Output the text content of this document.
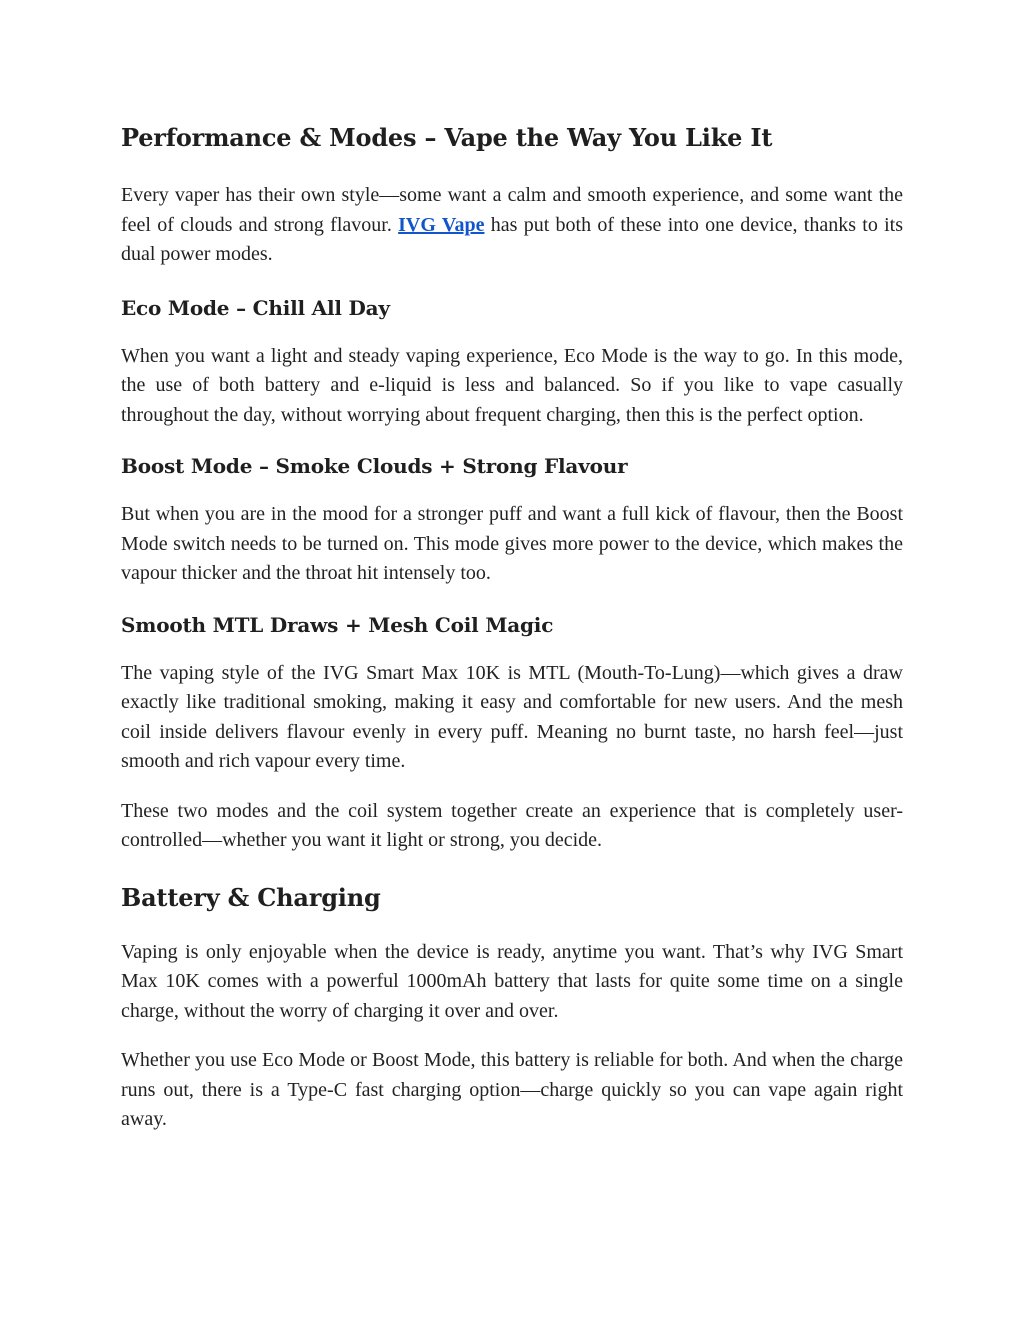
Performance & Modes – Vape the Way You Like It

Every vaper has their own style—some want a calm and smooth experience, and some want the feel of clouds and strong flavour. IVG Vape has put both of these into one device, thanks to its dual power modes.

Eco Mode – Chill All Day

When you want a light and steady vaping experience, Eco Mode is the way to go. In this mode, the use of both battery and e-liquid is less and balanced. So if you like to vape casually throughout the day, without worrying about frequent charging, then this is the perfect option.

Boost Mode – Smoke Clouds + Strong Flavour

But when you are in the mood for a stronger puff and want a full kick of flavour, then the Boost Mode switch needs to be turned on. This mode gives more power to the device, which makes the vapour thicker and the throat hit intensely too.

Smooth MTL Draws + Mesh Coil Magic

The vaping style of the IVG Smart Max 10K is MTL (Mouth-To-Lung)—which gives a draw exactly like traditional smoking, making it easy and comfortable for new users. And the mesh coil inside delivers flavour evenly in every puff. Meaning no burnt taste, no harsh feel—just smooth and rich vapour every time.

These two modes and the coil system together create an experience that is completely user-controlled—whether you want it light or strong, you decide.

Battery & Charging

Vaping is only enjoyable when the device is ready, anytime you want. That’s why IVG Smart Max 10K comes with a powerful 1000mAh battery that lasts for quite some time on a single charge, without the worry of charging it over and over.

Whether you use Eco Mode or Boost Mode, this battery is reliable for both. And when the charge runs out, there is a Type-C fast charging option—charge quickly so you can vape again right away.
